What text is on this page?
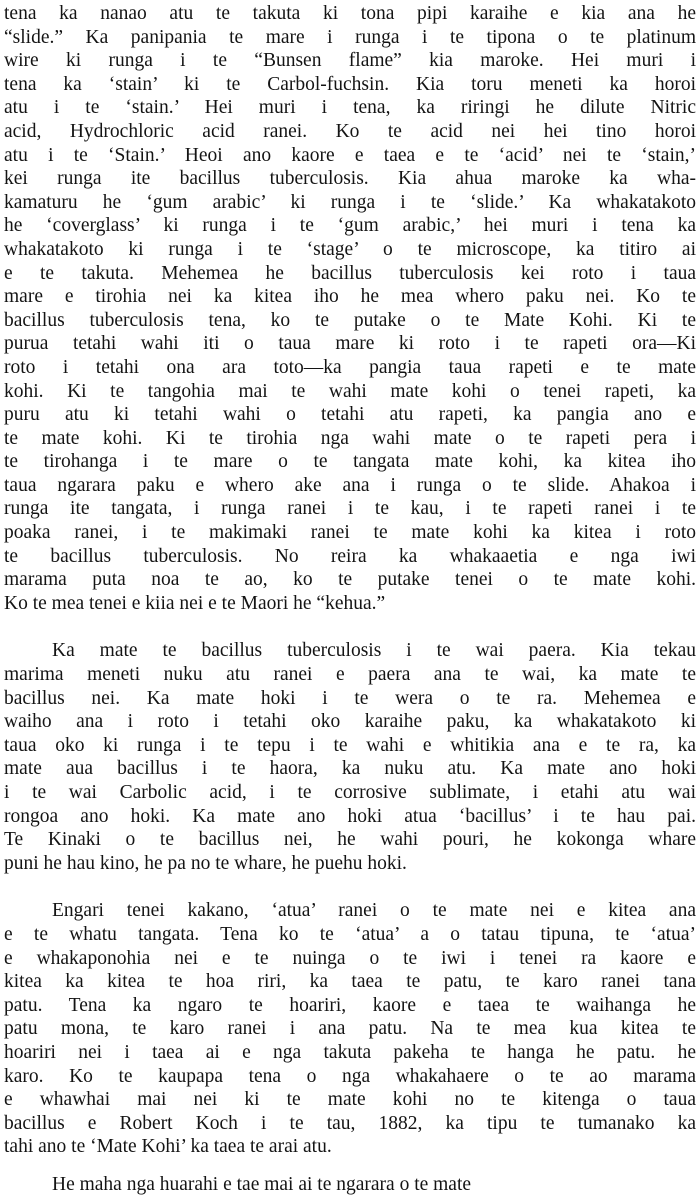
tena ka nanao atu te takuta ki tona pipi karaihe e kia ana he
“slide.” Ka panipania te mare i runga i te tipona o te platinum
wire ki runga i te “Bunsen flame” kia maroke. Hei muri i
tena ka ‘stain’ ki te Carbol-fuchsin. Kia toru meneti ka horoi
atu i te ‘stain.’ Hei muri i tena, ka riringi he dilute Nitric
acid, Hydrochloric acid ranei. Ko te acid nei hei tino horoi
atu i te ‘Stain.’ Heoi ano kaore e taea e te ‘acid’ nei te ‘stain,’
kei runga ite bacillus tuberculosis. Kia ahua maroke ka wha-
kamaturu he ‘gum arabic’ ki runga i te ‘slide.’ Ka whakatakoto
he ‘coverglass’ ki runga i te ‘gum arabic,’ hei muri i tena ka
whakatakoto ki runga i te ‘stage’ o te microscope, ka titiro ai
e te takuta. Mehemea he bacillus tuberculosis kei roto i taua
mare e tirohia nei ka kitea iho he mea whero paku nei. Ko te
bacillus tuberculosis tena, ko te putake o te Mate Kohi. Ki te
purua tetahi wahi iti o taua mare ki roto i te rapeti ora—Ki
roto i tetahi ona ara toto—ka pangia taua rapeti e te mate
kohi. Ki te tangohia mai te wahi mate kohi o tenei rapeti, ka
puru atu ki tetahi wahi o tetahi atu rapeti, ka pangia ano e
te mate kohi. Ki te tirohia nga wahi mate o te rapeti pera i
te tirohanga i te mare o te tangata mate kohi, ka kitea iho
taua ngarara paku e whero ake ana i runga o te slide. Ahakoa i
runga ite tangata, i runga ranei i te kau, i te rapeti ranei i te
poaka ranei, i te makimaki ranei te mate kohi ka kitea i roto
te bacillus tuberculosis. No reira ka whakaaetia e nga iwi
marama puta noa te ao, ko te putake tenei o te mate kohi.
Ko te mea tenei e kiia nei e te Maori he “kehua.”

Ka mate te bacillus tuberculosis i te wai paera. Kia tekau
marima meneti nuku atu ranei e paera ana te wai, ka mate te
bacillus nei. Ka mate hoki i te wera o te ra. Mehemea e
waiho ana i roto i tetahi oko karaihe paku, ka whakatakoto ki
taua oko ki runga i te tepu i te wahi e whitikia ana e te ra, ka
mate aua bacillus i te haora, ka nuku atu. Ka mate ano hoki
i te wai Carbolic acid, i te corrosive sublimate, i etahi atu wai
rongoa ano hoki. Ka mate ano hoki atua ‘bacillus’ i te hau pai.
Te Kinaki o te bacillus nei, he wahi pouri, he kokonga whare
puni he hau kino, he pa no te whare, he puehu hoki.

Engari tenei kakano, ‘atua’ ranei o te mate nei e kitea ana
e te whatu tangata. Tena ko te ‘atua’ a o tatau tipuna, te ‘atua’
e whakaponohia nei e te nuinga o te iwi i tenei ra kaore e
kitea ka kitea te hoa riri, ka taea te patu, te karo ranei tana
patu. Tena ka ngaro te hoariri, kaore e taea te waihanga he
patu mona, te karo ranei i ana patu. Na te mea kua kitea te
hoariri nei i taea ai e nga takuta pakeha te hanga he patu. he
karo. Ko te kaupapa tena o nga whakahaere o te ao marama
e whawhai mai nei ki te mate kohi no te kitenga o taua
bacillus e Robert Koch i te tau, 1882, ka tipu te tumanako ka
tahi ano te ‘Mate Kohi’ ka taea te arai atu.

He maha nga huarahi e tae mai ai te ngarara o te mate
